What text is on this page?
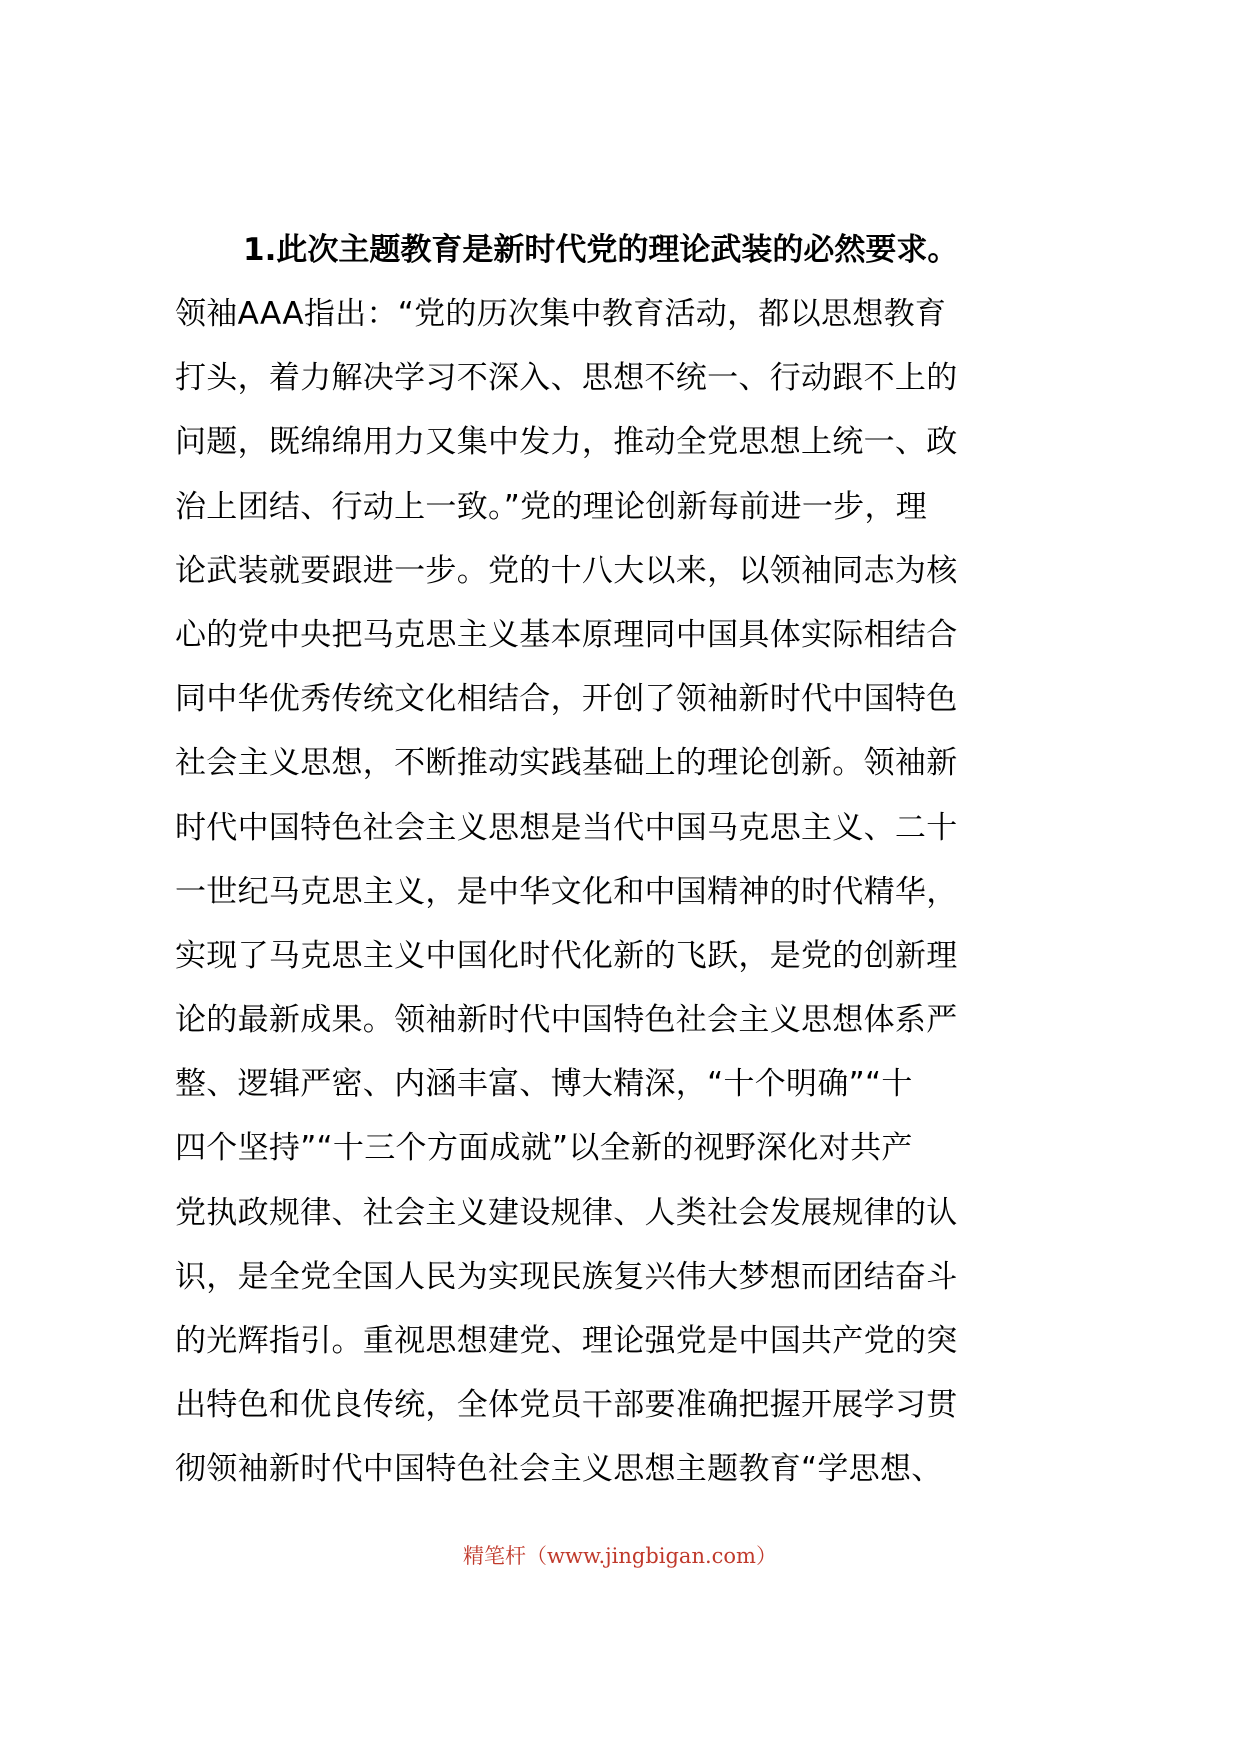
1.此次主题教育是新时代党的理论武装的必然要求。
领袖AAA指出：“党的历次集中教育活动，都以思想教育
打头，着力解决学习不深入、思想不统一、行动跟不上的
问题，既绵绵用力又集中发力，推动全党思想上统一、政
治上团结、行动上一致。”党的理论创新每前进一步，理
论武装就要跟进一步。党的十八大以来，以领袖同志为核
心的党中央把马克思主义基本原理同中国具体实际相结合
同中华优秀传统文化相结合，开创了领袖新时代中国特色
社会主义思想，不断推动实践基础上的理论创新。领袖新
时代中国特色社会主义思想是当代中国马克思主义、二十
一世纪马克思主义，是中华文化和中国精神的时代精华，
实现了马克思主义中国化时代化新的飞跃，是党的创新理
论的最新成果。领袖新时代中国特色社会主义思想体系严
整、逻辑严密、内涵丰富、博大精深，“十个明确”“十
四个坚持”“十三个方面成就”以全新的视野深化对共产
党执政规律、社会主义建设规律、人类社会发展规律的认
识，是全党全国人民为实现民族复兴伟大梦想而团结奋斗
的光辉指引。重视思想建党、理论强党是中国共产党的突
出特色和优良传统，全体党员干部要准确把握开展学习贯
彻领袖新时代中国特色社会主义思想主题教育“学思想、
精笔杆（www.jingbigan.com）
